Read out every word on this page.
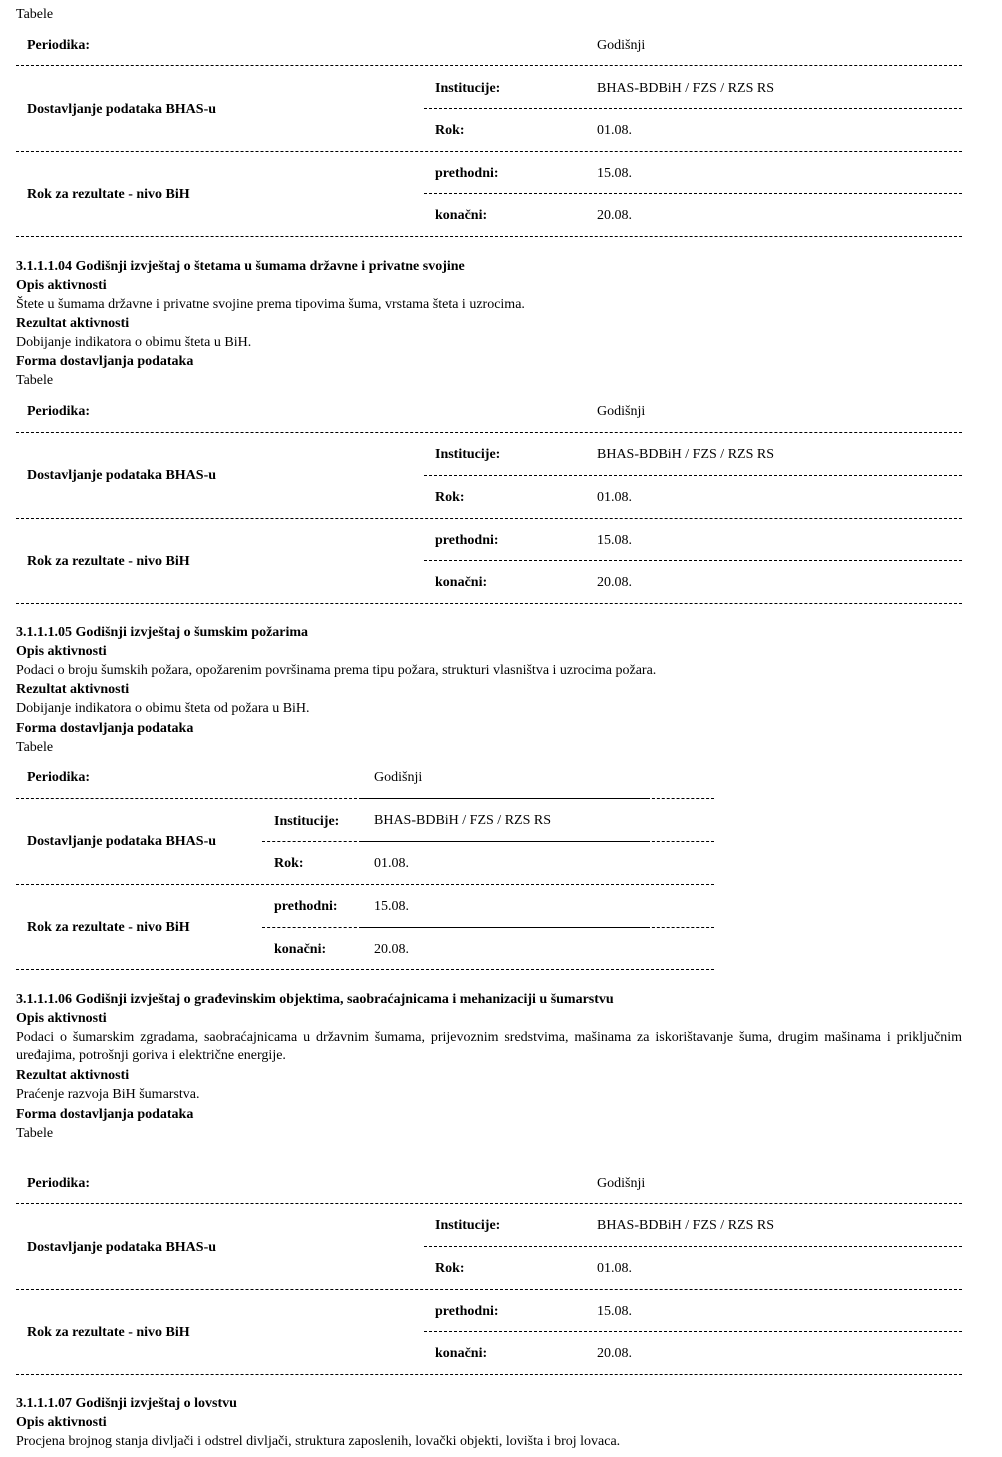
Tabele
Periodika:	Godišnji
Dostavljanje podataka BHAS-u
Institucije:	BHAS-BDBiH / FZS / RZS RS
Rok:	01.08.
Rok za rezultate - nivo BiH
prethodni:	15.08.
konačni:	20.08.
3.1.1.1.04 Godišnji izvještaj o štetama u šumama državne i privatne svojine
Opis aktivnosti
Štete u šumama državne i privatne svojine prema tipovima šuma, vrstama šteta i uzrocima.
Rezultat aktivnosti
Dobijanje indikatora o obimu šteta u BiH.
Forma dostavljanja podataka
Tabele
Periodika:	Godišnji
Dostavljanje podataka BHAS-u
Institucije:	BHAS-BDBiH / FZS / RZS RS
Rok:	01.08.
Rok za rezultate - nivo BiH
prethodni:	15.08.
konačni:	20.08.
3.1.1.1.05 Godišnji izvještaj o šumskim požarima
Opis aktivnosti
Podaci o broju šumskih požara, opožarenim površinama prema tipu požara, strukturi vlasništva i uzrocima požara.
Rezultat aktivnosti
Dobijanje indikatora o obimu šteta od požara u BiH.
Forma dostavljanja podataka
Tabele
Periodika:	Godišnji
Dostavljanje podataka BHAS-u
Institucije: BHAS-BDBiH / FZS / RZS RS
Rok:	01.08.
Rok za rezultate - nivo BiH
prethodni:	15.08.
konačni:	20.08.
3.1.1.1.06 Godišnji izvještaj o građevinskim objektima, saobraćajnicama i mehanizaciji u šumarstvu
Opis aktivnosti
Podaci o šumarskim zgradama, saobraćajnicama u državnim šumama, prijevoznim sredstvima, mašinama za iskorištavanje šuma, drugim mašinama i priključnim uređajima, potrošnji goriva i električne energije.
Rezultat aktivnosti
Praćenje razvoja BiH šumarstva.
Forma dostavljanja podataka
Tabele
Periodika:	Godišnji
Dostavljanje podataka BHAS-u
Institucije:	BHAS-BDBiH / FZS / RZS RS
Rok:	01.08.
Rok za rezultate - nivo BiH
prethodni:	15.08.
konačni:	20.08.
3.1.1.1.07 Godišnji izvještaj o lovstvu
Opis aktivnosti
Procjena brojnog stanja divljači i odstrel divljači, struktura zaposlenih, lovački objekti, lovišta i broj lovaca.
